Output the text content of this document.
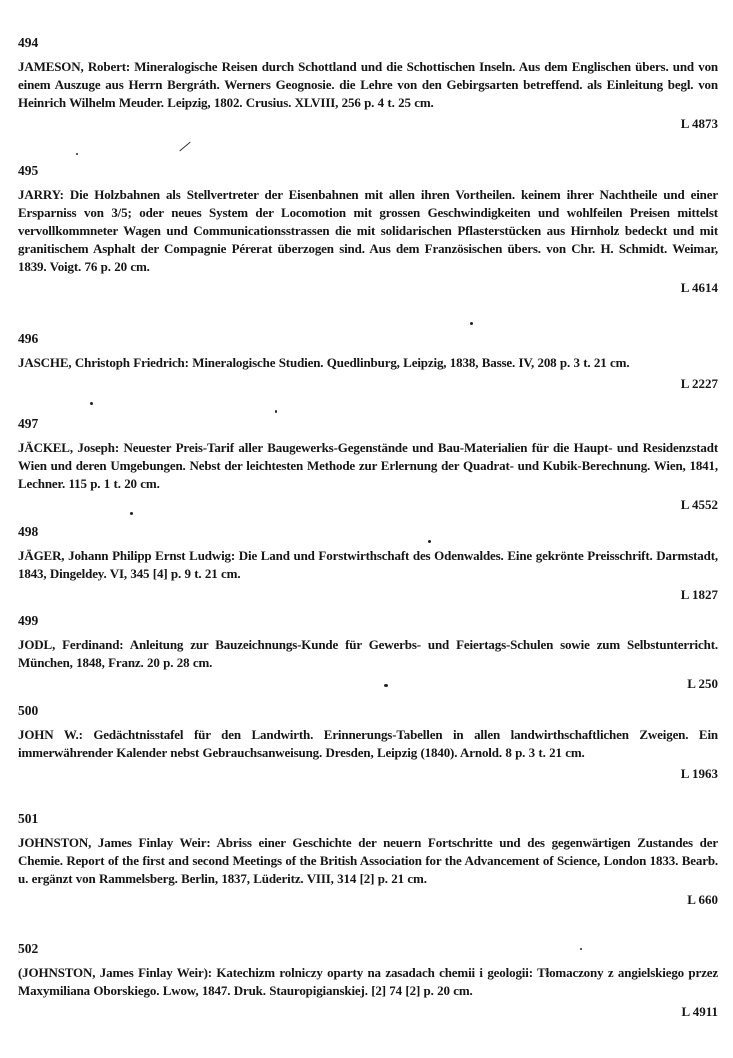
494
JAMESON, Robert: Mineralogische Reisen durch Schottland und die Schottischen Inseln. Aus dem Englischen übers. und von einem Auszuge aus Herrn Bergráth. Werners Geognosie. die Lehre von den Gebirgsarten betreffend. als Einleitung begl. von Heinrich Wilhelm Meuder. Leipzig, 1802. Crusius. XLVIII, 256 p. 4 t. 25 cm.
L 4873
495
JARRY: Die Holzbahnen als Stellvertreter der Eisenbahnen mit allen ihren Vortheilen. keinem ihrer Nachtheile und einer Ersparniss von 3/5; oder neues System der Locomotion mit grossen Geschwindigkeiten und wohlfeilen Preisen mittelst vervollkommneter Wagen und Communicationsstrassen die mit solidarischen Pflasterstücken aus Hirnholz bedeckt und mit granitischem Asphalt der Compagnie Pérerat überzogen sind. Aus dem Französischen übers. von Chr. H. Schmidt. Weimar, 1839. Voigt. 76 p. 20 cm.
L 4614
496
JASCHE, Christoph Friedrich: Mineralogische Studien. Quedlinburg, Leipzig, 1838, Basse. IV, 208 p. 3 t. 21 cm.
L 2227
497
JÄCKEL, Joseph: Neuester Preis-Tarif aller Baugewerks-Gegenstände und Bau-Materialien für die Haupt- und Residenzstadt Wien und deren Umgebungen. Nebst der leichtesten Methode zur Erlernung der Quadrat- und Kubik-Berechnung. Wien, 1841, Lechner. 115 p. 1 t. 20 cm.
L 4552
498
JÄGER, Johann Philipp Ernst Ludwig: Die Land und Forstwirthschaft des Odenwaldes. Eine gekrönte Preisschrift. Darmstadt, 1843, Dingeldey. VI, 345 [4] p. 9 t. 21 cm.
L 1827
499
JODL, Ferdinand: Anleitung zur Bauzeichnungs-Kunde für Gewerbs- und Feiertags-Schulen sowie zum Selbstunterricht. München, 1848, Franz. 20 p. 28 cm.
L 250
500
JOHN W.: Gedächtnisstafel für den Landwirth. Erinnerungs-Tabellen in allen landwirthschaftlichen Zweigen. Ein immerwährender Kalender nebst Gebrauchsanweisung. Dresden, Leipzig (1840). Arnold. 8 p. 3 t. 21 cm.
L 1963
501
JOHNSTON, James Finlay Weir: Abriss einer Geschichte der neuern Fortschritte und des gegenwärtigen Zustandes der Chemie. Report of the first and second Meetings of the British Association for the Advancement of Science, London 1833. Bearb. u. ergänzt von Rammelsberg. Berlin, 1837, Lüderitz. VIII, 314 [2] p. 21 cm.
L 660
502
(JOHNSTON, James Finlay Weir): Katechizm rolniczy oparty na zasadach chemii i geologii: Tłomaczony z angielskiego przez Maxymiliana Oborskiego. Lwow, 1847. Druk. Stauropigianskiej. [2] 74 [2] p. 20 cm.
L 4911
